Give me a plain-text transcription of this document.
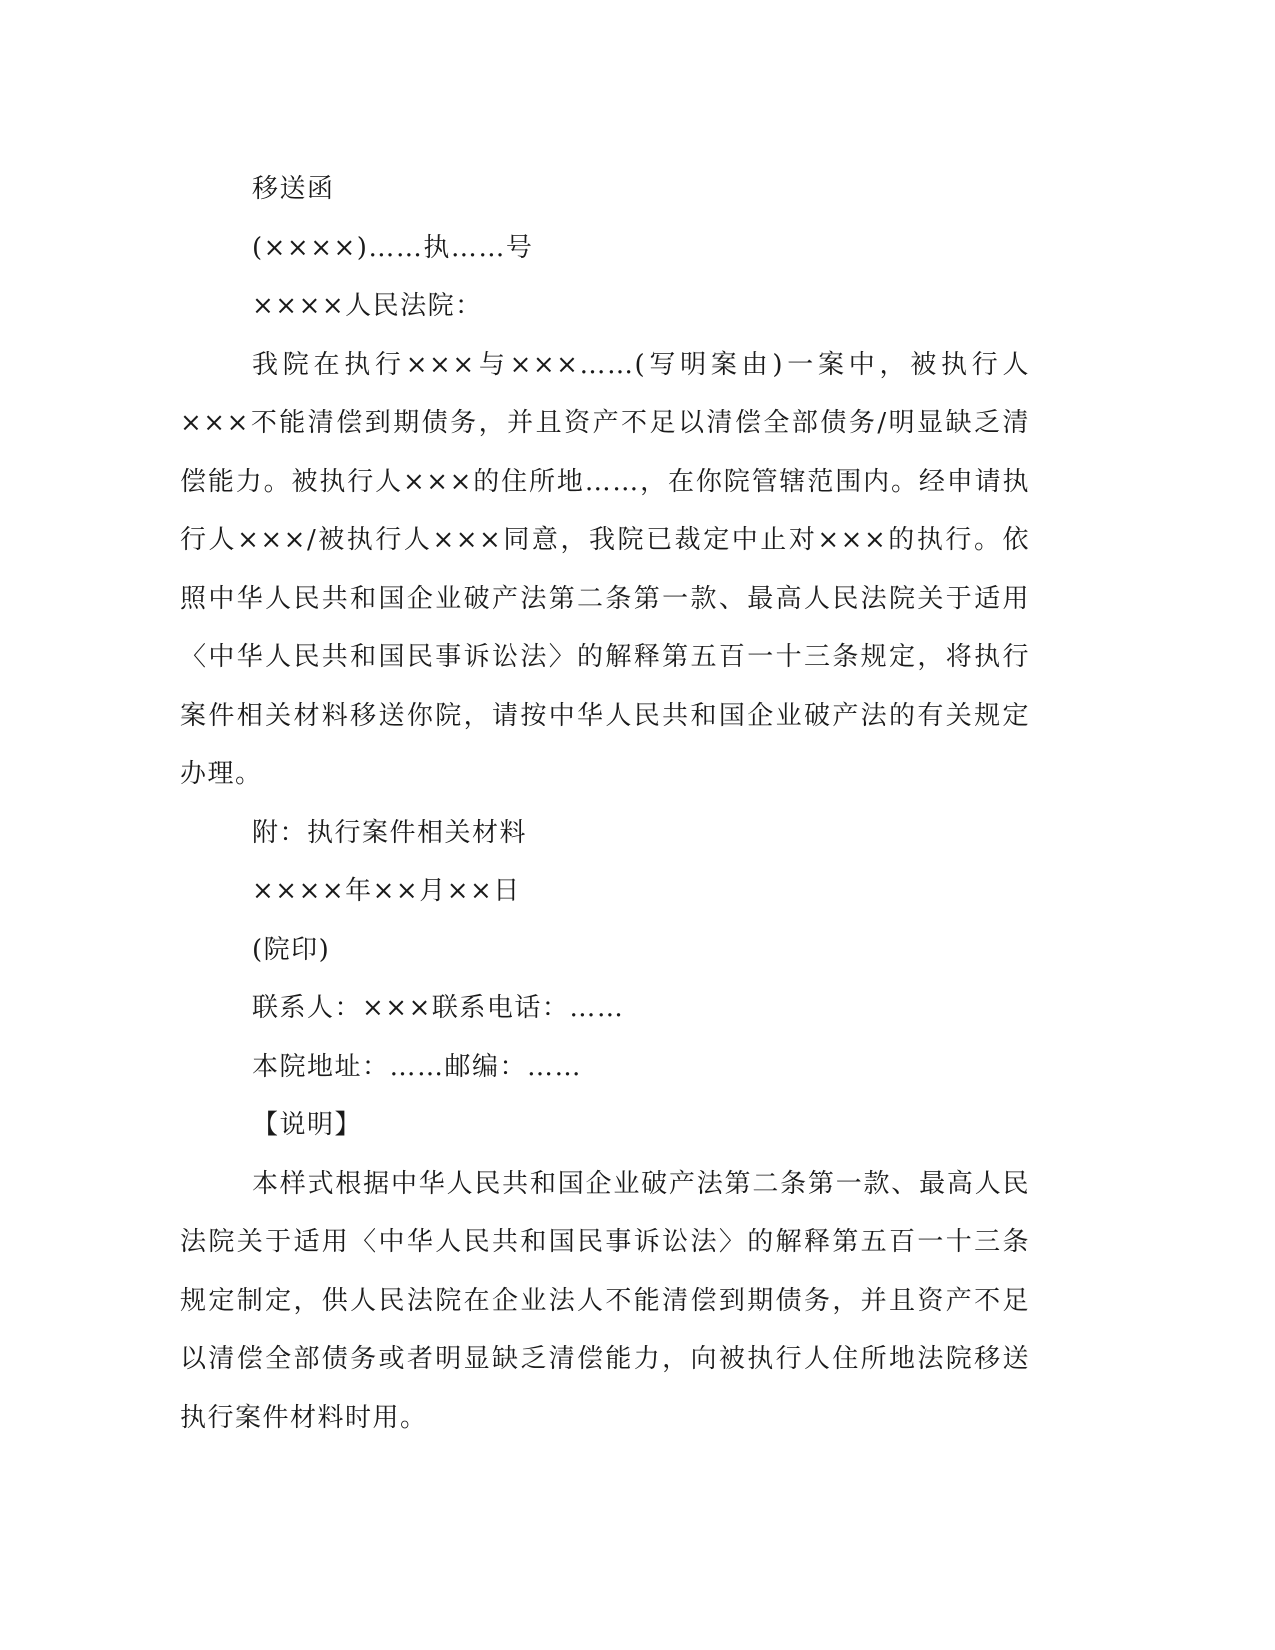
移送函

(××××)……执……号

××××人民法院：

我院在执行×××与×××……(写明案由)一案中，被执行人×××不能清偿到期债务，并且资产不足以清偿全部债务/明显缺乏清偿能力。被执行人×××的住所地……，在你院管辖范围内。经申请执行人×××/被执行人×××同意，我院已裁定中止对×××的执行。依照中华人民共和国企业破产法第二条第一款、最高人民法院关于适用〈中华人民共和国民事诉讼法〉的解释第五百一十三条规定，将执行案件相关材料移送你院，请按中华人民共和国企业破产法的有关规定办理。

附：执行案件相关材料

××××年××月××日

(院印)

联系人：×××联系电话：……

本院地址：……邮编：……

【说明】

本样式根据中华人民共和国企业破产法第二条第一款、最高人民法院关于适用〈中华人民共和国民事诉讼法〉的解释第五百一十三条规定制定，供人民法院在企业法人不能清偿到期债务，并且资产不足以清偿全部债务或者明显缺乏清偿能力，向被执行人住所地法院移送执行案件材料时用。
